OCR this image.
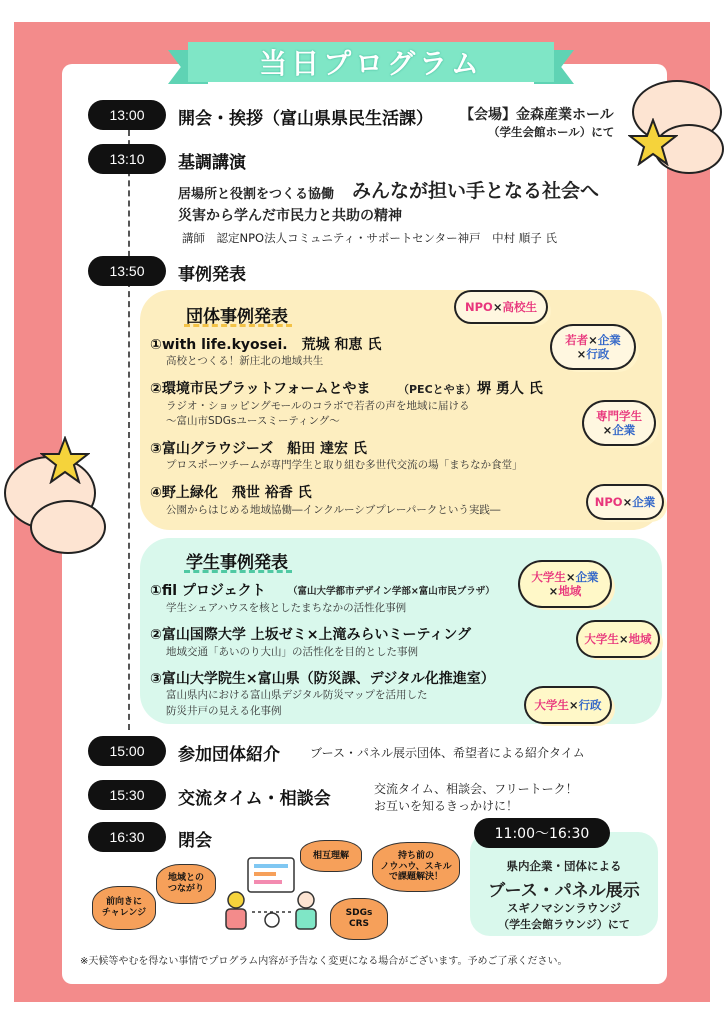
当日プログラム
13:00	開会・挨拶（富山県県民生活課） 【会場】金森産業ホール
（学生会館ホール）にて
13:10	基調講演
居場所と役割をつくる協働 みんなが担い手となる社会へ
災害から学んだ市民力と共助の精神
講師　認定NPO法人コミュニティ・サポートセンター神戸　中村 順子 氏
13:50	事例発表
団体事例発表
①with life.kyosei.　荒城 和恵 氏
高校とつくる！新庄北の地域共生
②環境市民プラットフォームとやま	（PECとやま） 堺 勇人 氏
ラジオ・ショッピングモールのコラボで若者の声を地域に届ける
～富山市SDGsユースミーティング～
③富山グラウジーズ　船田 達宏 氏
プロスポーツチームが専門学生と取り組む多世代交流の場「まちなか食堂」
④野上緑化　飛世 裕香 氏
公園からはじめる地域協働―インクルーシブプレーパークという実践―
NPO×高校生
若者×企業
×行政
専門学生
×企業
NPO×企業
学生事例発表
①fil プロジェクト （富山大学都市デザイン学部×富山市民プラザ）
学生シェアハウスを核としたまちなかの活性化事例
②富山国際大学 上坂ゼミ×上滝みらいミーティング
地域交通「あいのり大山」の活性化を目的とした事例
③富山大学院生×富山県（防災課、デジタル化推進室）
富山県内における富山県デジタル防災マップを活用した
防災井戸の見える化事例
大学生×企業
×地域
大学生×地域
大学生×行政
15:00	参加団体紹介	ブース・パネル展示団体、希望者による紹介タイム
15:30	交流タイム・相談会	交流タイム、相談会、フリートーク！
お互いを知るきっかけに！
16:30	閉会	11:00〜16:30
県内企業・団体による
ブース・パネル展示
スギノマシンラウンジ
（学生会館ラウンジ）にて
前向きに
チャレンジ
地域との
つながり
相互理解	持ち前の
ノウハウ、スキル
で課題解決！
SDGs
CRS
※天候等やむを得ない事情でプログラム内容が予告なく変更になる場合がございます。予めご了承ください。
